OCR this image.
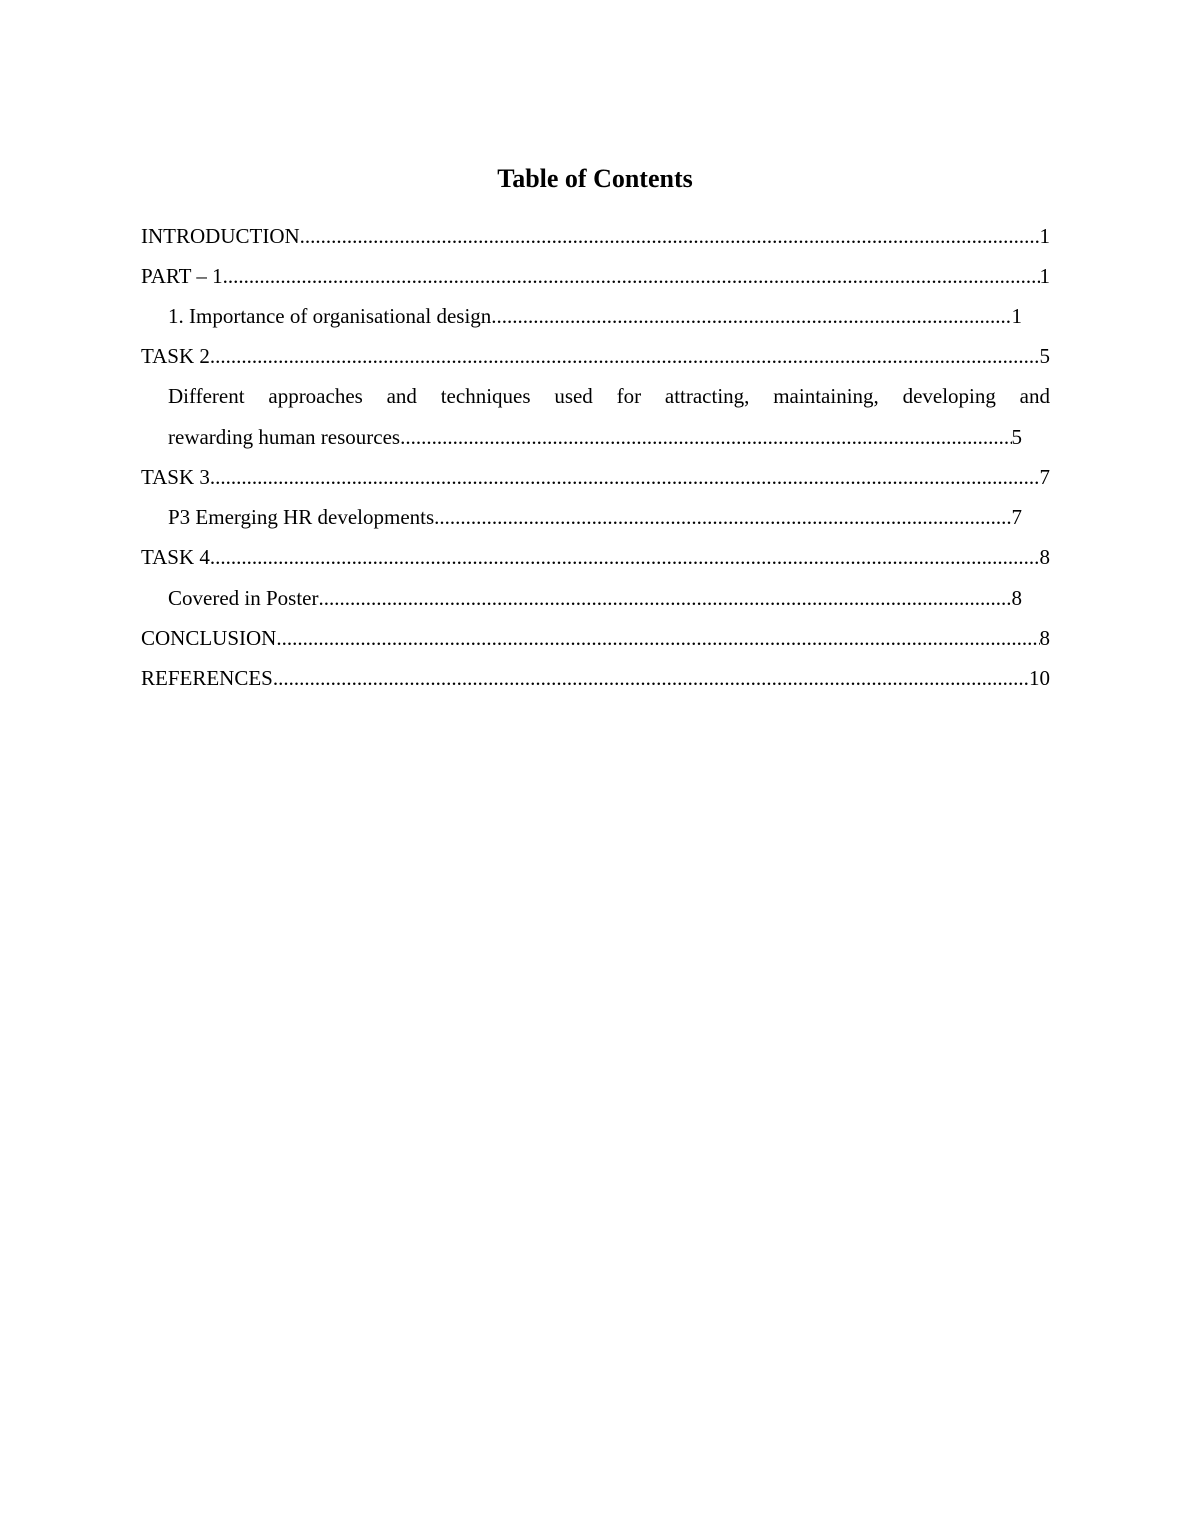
Table of Contents
INTRODUCTION .....	1
PART – 1 .....	1
1. Importance of organisational design .....	1
TASK 2 .....	5
Different approaches and techniques used for attracting, maintaining, developing and
rewarding human resources .....	5
TASK 3 .....	7
P3 Emerging HR developments .....	7
TASK 4 .....	8
Covered in Poster .....	8
CONCLUSION .....	8
REFERENCES .....	10
